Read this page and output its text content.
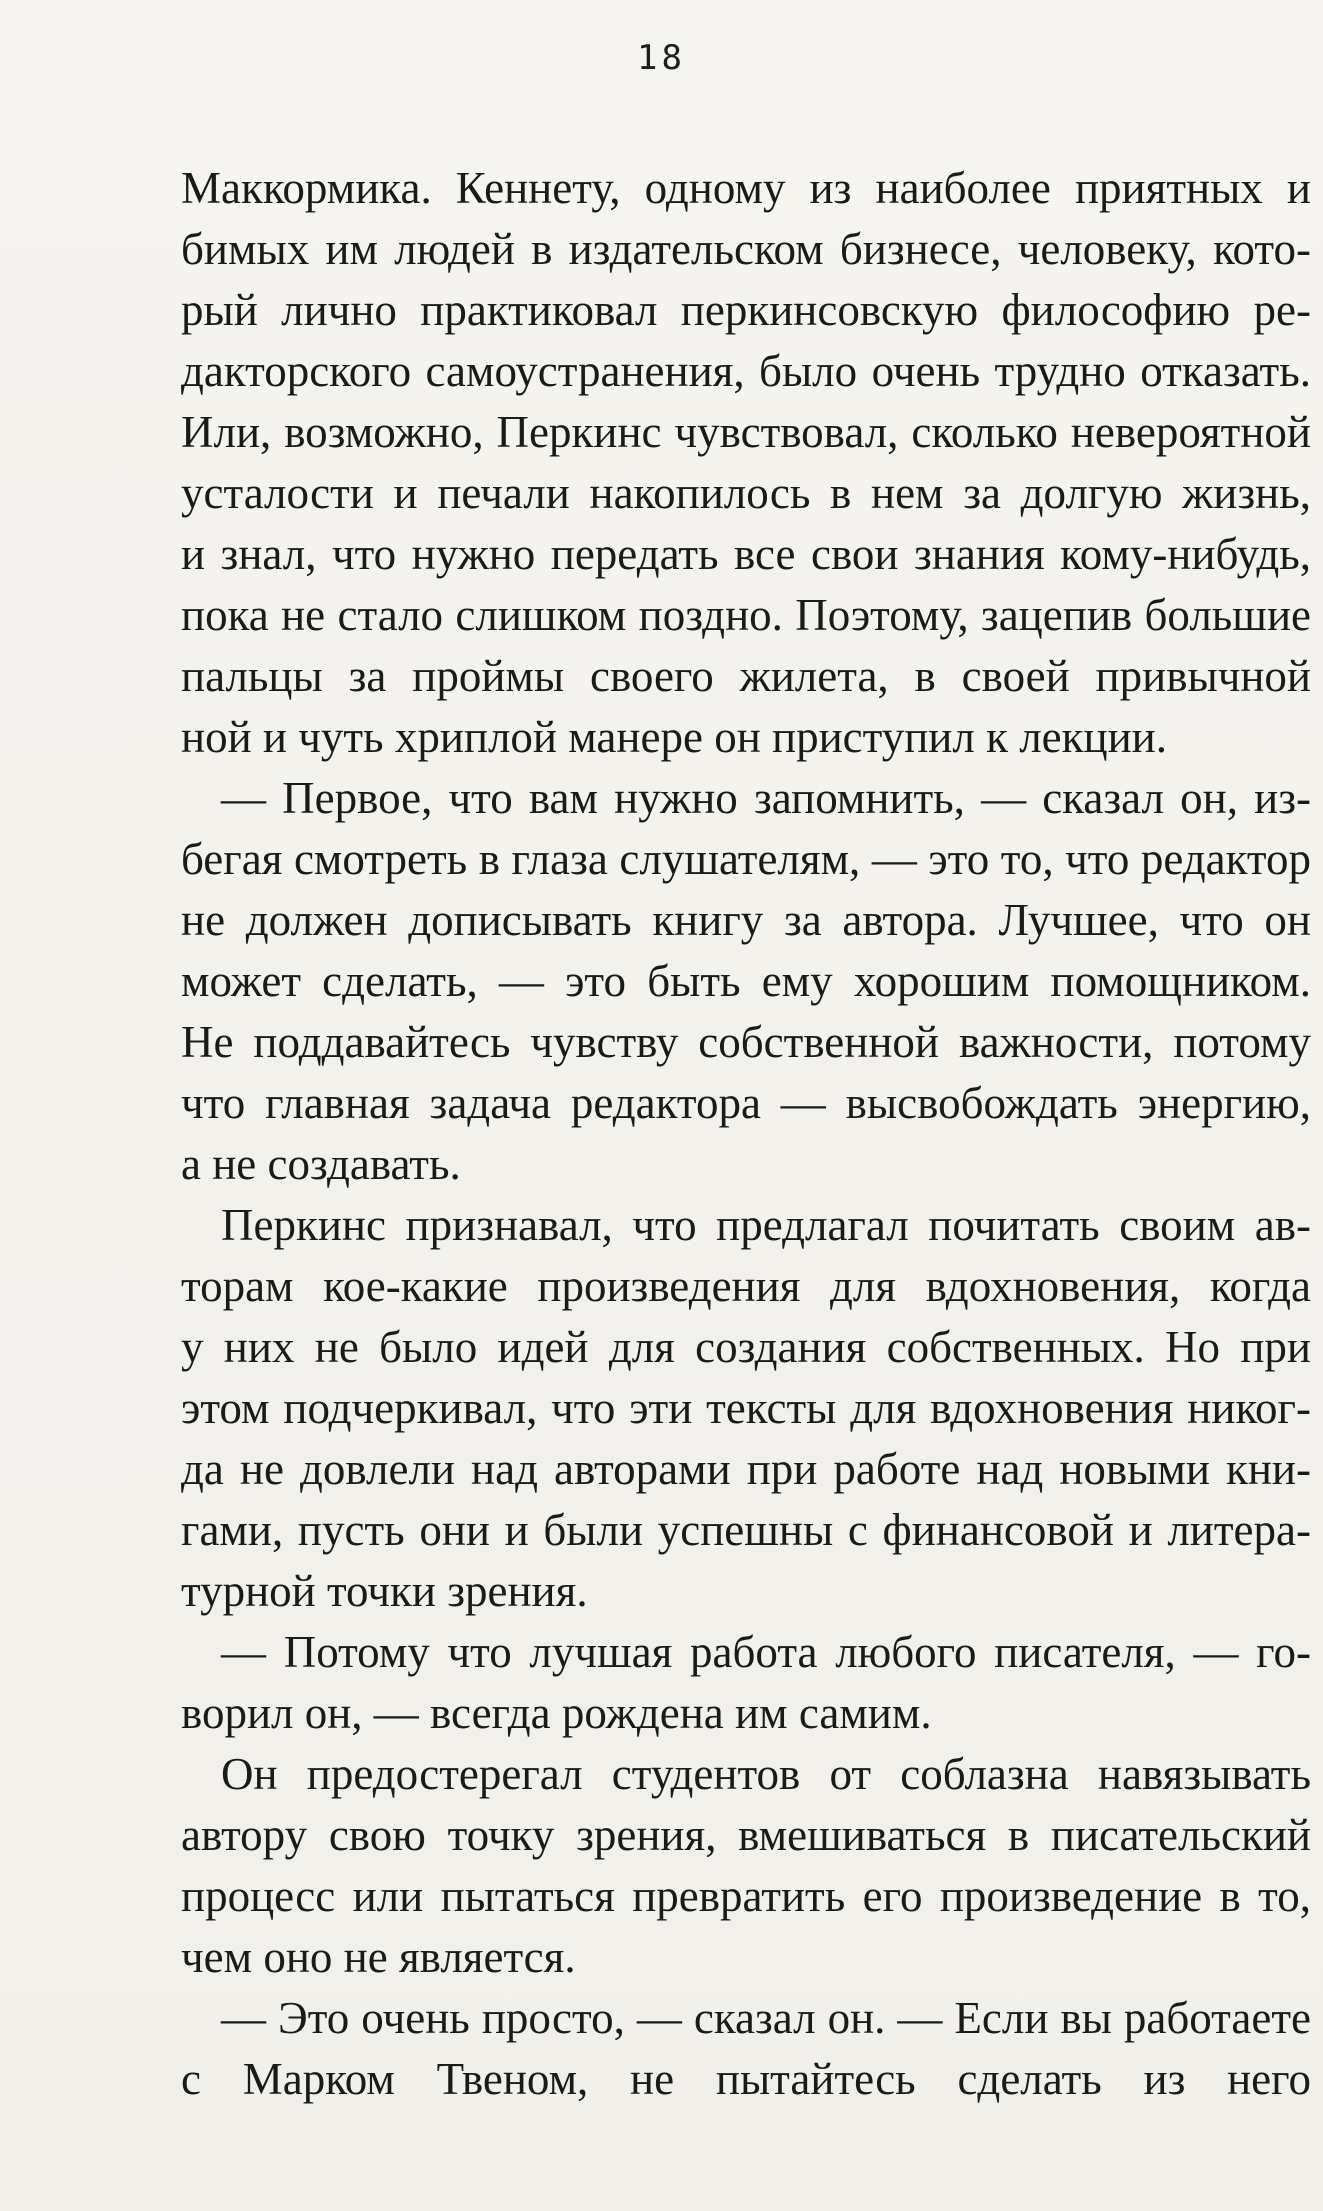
18
Маккормика. Кеннету, одному из наиболее приятных и
бимых им людей в издательском бизнесе, человеку, кото-
рый лично практиковал перкинсовскую философию ре-
дакторского самоустранения, было очень трудно отказать.
Или, возможно, Перкинс чувствовал, сколько невероятной
усталости и печали накопилось в нем за долгую жизнь,
и знал, что нужно передать все свои знания кому-нибудь,
пока не стало слишком поздно. Поэтому, зацепив большие
пальцы за проймы своего жилета, в своей привычной
ной и чуть хриплой манере он приступил к лекции.
— Первое, что вам нужно запомнить, — сказал он, из-
бегая смотреть в глаза слушателям, — это то, что редактор
не должен дописывать книгу за автора. Лучшее, что он
может сделать, — это быть ему хорошим помощником.
Не поддавайтесь чувству собственной важности, потому
что главная задача редактора — высвобождать энергию,
а не создавать.
Перкинс признавал, что предлагал почитать своим ав-
торам кое-какие произведения для вдохновения, когда
у них не было идей для создания собственных. Но при
этом подчеркивал, что эти тексты для вдохновения никог-
да не довлели над авторами при работе над новыми кни-
гами, пусть они и были успешны с финансовой и литера-
турной точки зрения.
— Потому что лучшая работа любого писателя, — го-
ворил он, — всегда рождена им самим.
Он предостерегал студентов от соблазна навязывать
автору свою точку зрения, вмешиваться в писательский
процесс или пытаться превратить его произведение в то,
чем оно не является.
— Это очень просто, — сказал он. — Если вы работаете
с Марком Твеном, не пытайтесь сделать из него
